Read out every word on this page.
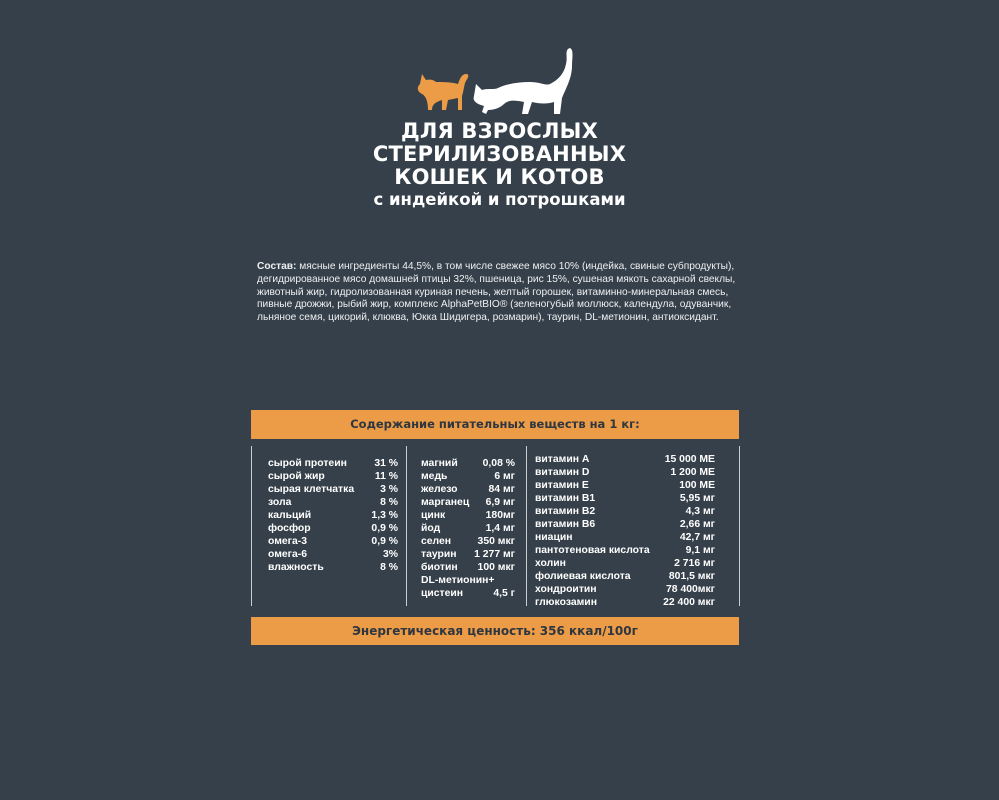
ДЛЯ ВЗРОСЛЫХ
СТЕРИЛИЗОВАННЫХ
КОШЕК И КОТОВ
с индейкой и потрошками
Состав: мясные ингредиенты 44,5%, в том числе свежее мясо 10% (индейка, свиные субпродукты), дегидрированное мясо домашней птицы 32%, пшеница, рис 15%, сушеная мякоть сахарной свеклы, животный жир, гидролизованная куриная печень, желтый горошек, витаминно-минеральная смесь, пивные дрожжи, рыбий жир, комплекс AlphaPetBIO® (зеленогубый моллюск, календула, одуванчик, льняное семя, цикорий, клюква, Юкка Шидигера, розмарин), таурин, DL-метионин, антиоксидант.
Содержание питательных веществ на 1 кг:
сырой протеин	31 %
сырой жир	11 %
сырая клетчатка 3 %
зола	8 %
кальций	1,3 %
фосфор	0,9 %
омега-3	0,9 %
омега-6	3%
влажность	8 %
магний 0,08 %
медь	6 мг
железо	84 мг
марганец 6,9 мг
цинк	180мг
йод	1,4 мг
селен	350 мкг
таурин 1 277 мг
биотин 100 мкг
DL-метионин+
цистеин	4,5 г
витамин А	15 000 МЕ
витамин D	1 200 МЕ
витамин Е	100 МЕ
витамин В1	5,95 мг
витамин В2	4,3 мг
витамин В6	2,66 мг
ниацин	42,7 мг
пантотеновая кислота	9,1 мг
холин	2 716 мг
фолиевая кислота	801,5 мкг
хондроитин	78 400мкг
глюкозамин	22 400 мкг
Энергетическая ценность: 356 ккал/100г
